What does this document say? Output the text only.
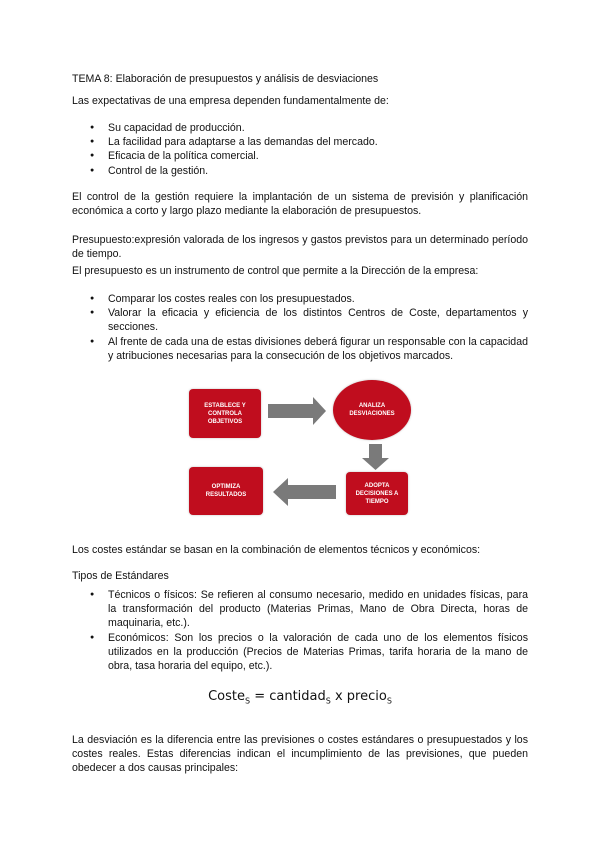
TEMA 8: Elaboración de presupuestos y análisis de desviaciones

Las expectativas de una empresa dependen fundamentalmente de:

● Su capacidad de producción.
● La facilidad para adaptarse a las demandas del mercado.
● Eficacia de la política comercial.
● Control de la gestión.

El control de la gestión requiere la implantación de un sistema de previsión y planificación económica a corto y largo plazo mediante la elaboración de presupuestos.

Presupuesto:expresión valorada de los ingresos y gastos previstos para un determinado período de tiempo.

El presupuesto es un instrumento de control que permite a la Dirección de la empresa:

● Comparar los costes reales con los presupuestados.
● Valorar la eficacia y eficiencia de los distintos Centros de Coste, departamentos y secciones.
● Al frente de cada una de estas divisiones deberá figurar un responsable con la capacidad y atribuciones necesarias para la consecución de los objetivos marcados.
ESTABLECE Y
CONTROLA
OBJETIVOS
ANALIZA
DESVIACIONES
ADOPTA
DECISIONES A
TIEMPO
OPTIMIZA
RESULTADOS

Los costes estándar se basan en la combinación de elementos técnicos y económicos:

Tipos de Estándares

● Técnicos o físicos: Se refieren al consumo necesario, medido en unidades físicas, para la transformación del producto (Materias Primas, Mano de Obra Directa, horas de maquinaria, etc.).
● Económicos: Son los precios o la valoración de cada uno de los elementos físicos utilizados en la producción (Precios de Materias Primas, tarifa horaria de la mano de obra, tasa horaria del equipo, etc.).
Coste$_S$ = cantidad$_S$ x precio$_S$

La desviación es la diferencia entre las previsiones o costes estándares o presupuestados y los costes reales. Estas diferencias indican el incumplimiento de las previsiones, que pueden obedecer a dos causas principales:
